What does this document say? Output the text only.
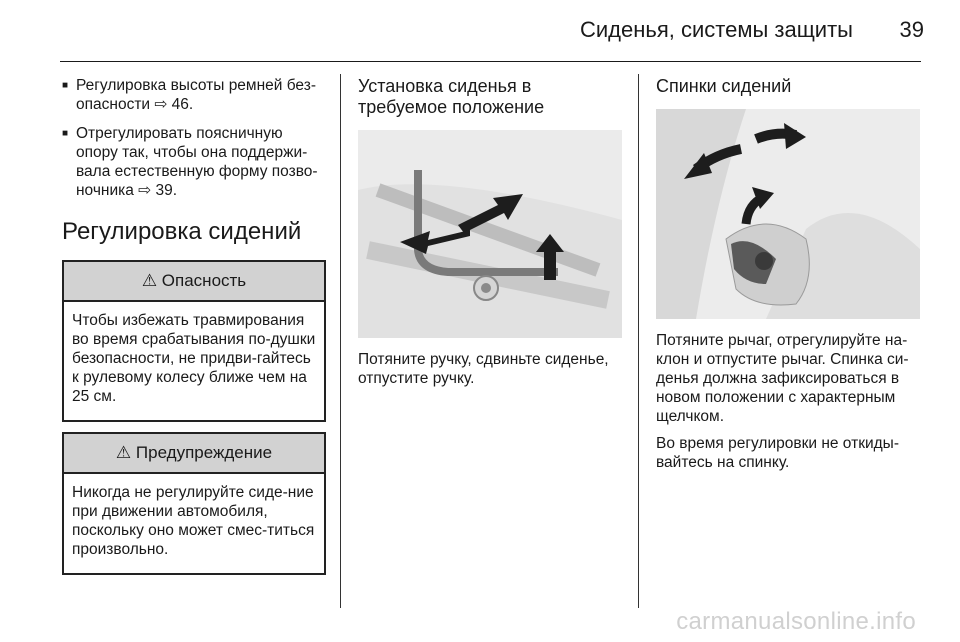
Сиденья, системы защиты 39
■ Регулировка высоты ремней без-опасности ⇨ 46.
■ Отрегулировать поясничную опору так, чтобы она поддержи-вала естественную форму позво-ночника ⇨ 39.
Регулировка сидений
⚠ Опасность
Чтобы избежать травмирования во время срабатывания по-душки безопасности, не придви-гайтесь к рулевому колесу ближе чем на 25 см.
⚠ Предупреждение
Никогда не регулируйте сиде-ние при движении автомобиля, поскольку оно может смес-титься произвольно.
Установка сиденья в требуемое положение
Потяните ручку, сдвиньте сиденье, отпустите ручку.
Спинки сидений

Потяните рычаг, отрегулируйте на-клон и отпустите рычаг. Спинка си-денья должна зафиксироваться в новом положении с характерным щелчком.

Во время регулировки не откиды-вайтесь на спинку.

carmanualsonline.info
